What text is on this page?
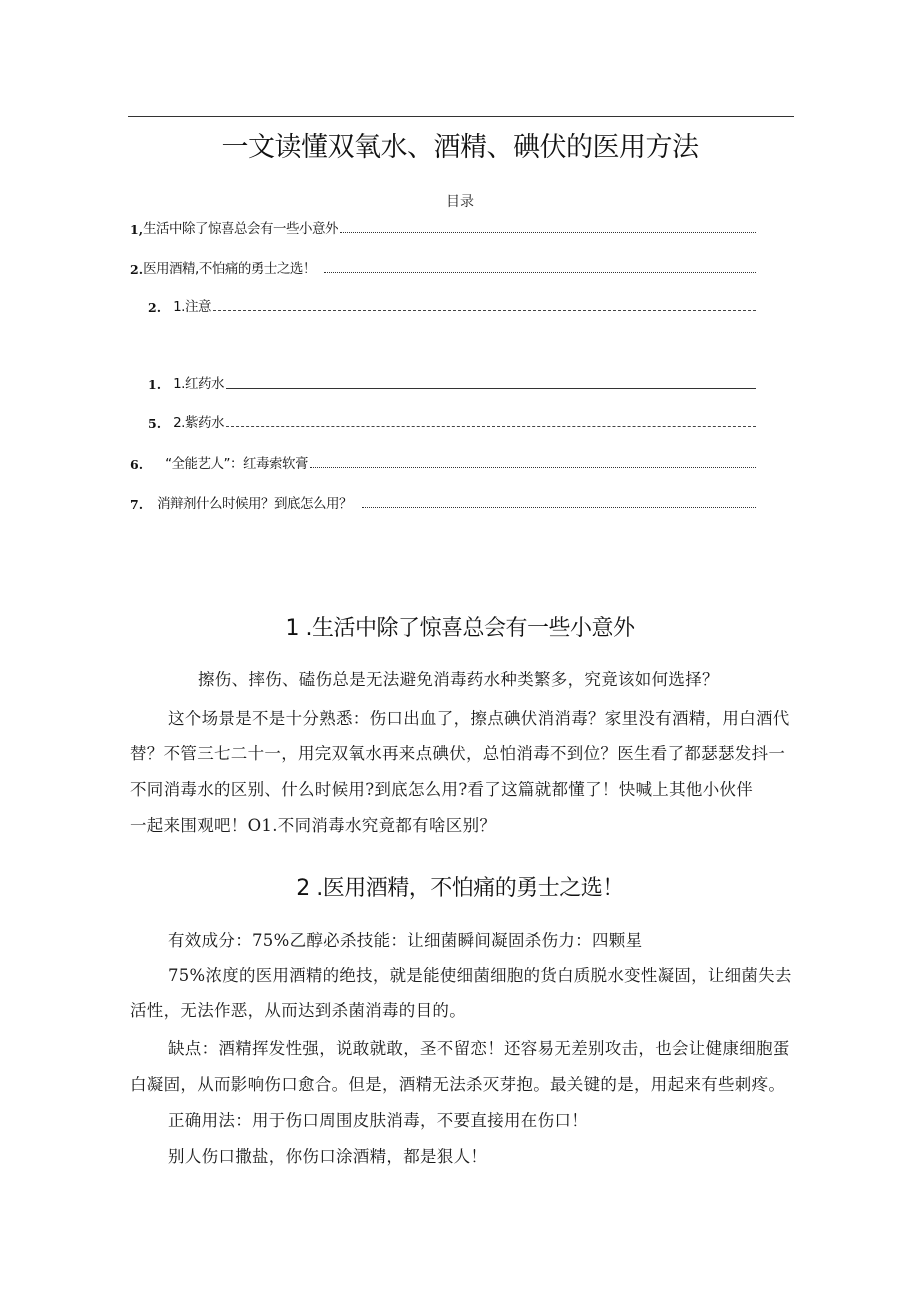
一文读懂双氧水、酒精、碘伏的医用方法
目录
1, 生活中除了惊喜总会有一些小意外
2. 医用酒精,不怕痛的勇士之选！
2. 1.注意
1. 1.红药水
5. 2.紫药水
6. “全能艺人”：红毒索软膏
7. 消辩剂什么时候用？到底怎么用？
1 .生活中除了惊喜总会有一些小意外
擦伤、摔伤、磕伤总是无法避免消毒药水种类繁多，究竟该如何选择？
这个场景是不是十分熟悉：伤口出血了，擦点碘伏消消毒？家里没有酒精，用白酒代
替？不管三七二十一，用完双氧水再来点碘伏，总怕消毒不到位？医生看了都瑟瑟发抖一
不同消毒水的区别、什么时候用?到底怎么用?看了这篇就都懂了！快喊上其他小伙伴
一起来围观吧！O1.不同消毒水究竟都有啥区别？
2 .医用酒精，不怕痛的勇士之选！
有效成分：75%乙醇必杀技能：让细菌瞬间凝固杀伤力：四颗星
75%浓度的医用酒精的绝技，就是能使细菌细胞的货白质脱水变性凝固，让细菌失去
活性，无法作恶，从而达到杀菌消毒的目的。
缺点：酒精挥发性强，说敢就敢，圣不留恋！还容易无差别攻击，也会让健康细胞蛋
白凝固，从而影响伤口愈合。但是，酒精无法杀灭芽抱。最关键的是，用起来有些刺疼。
正确用法：用于伤口周围皮肤消毒，不要直接用在伤口！
别人伤口撒盐，你伤口涂酒精，都是狠人！
